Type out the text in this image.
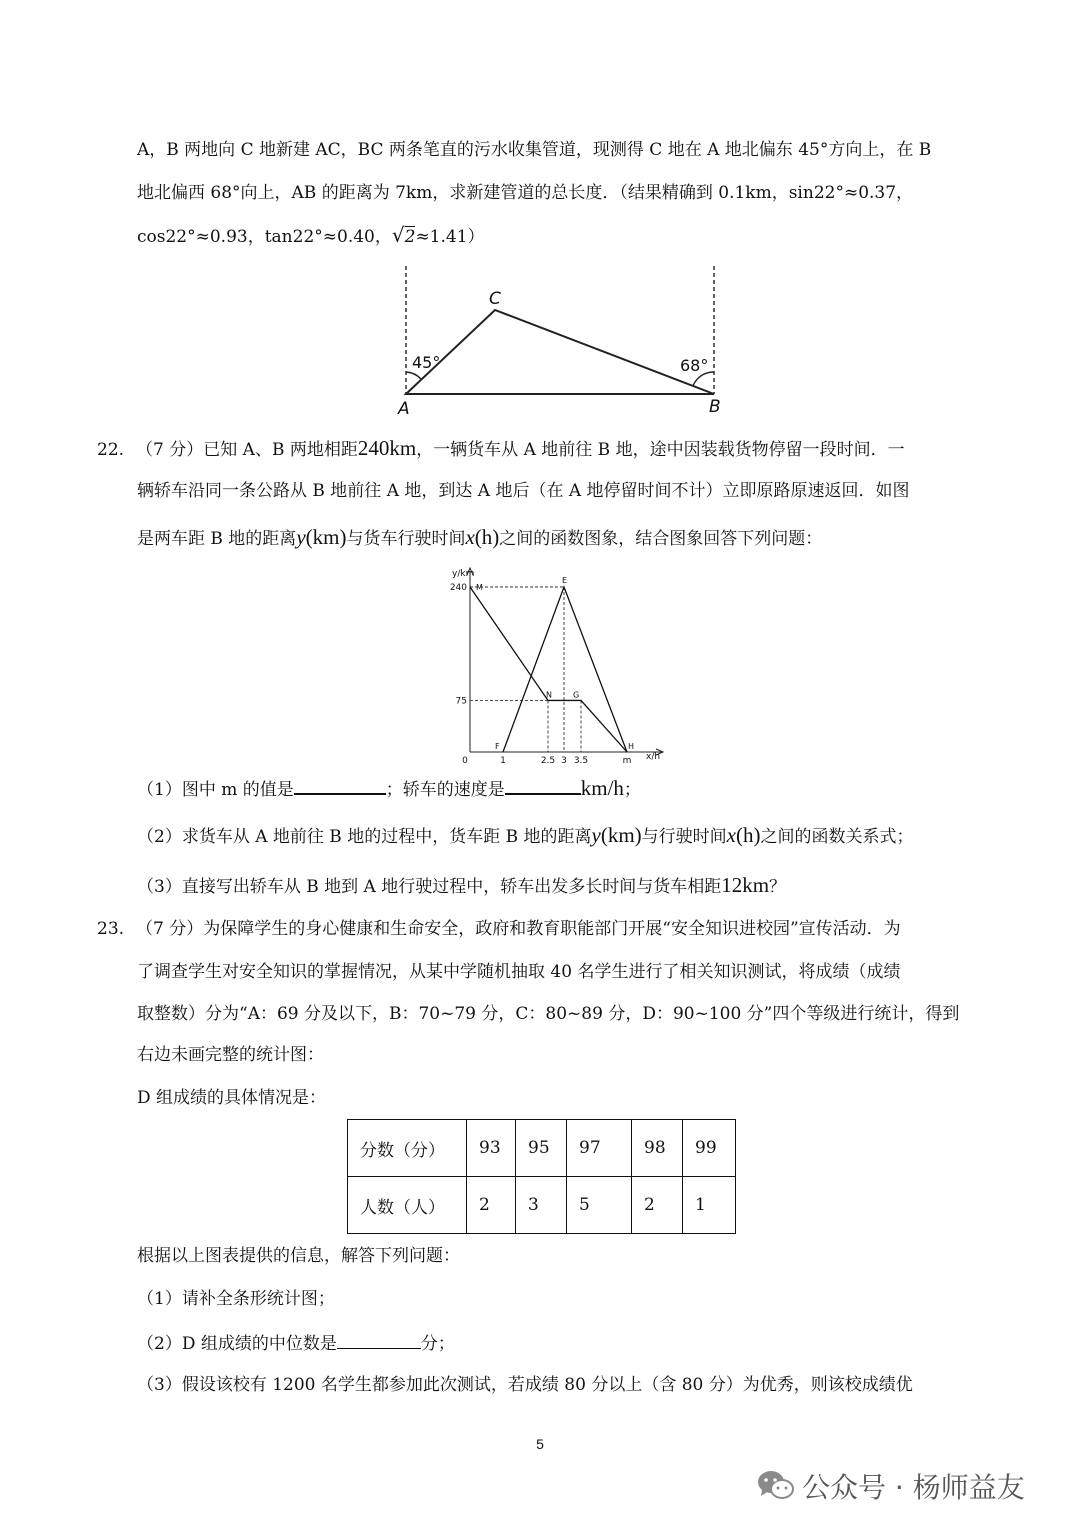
A，B 两地向 C 地新建 AC，BC 两条笔直的污水收集管道，现测得 C 地在 A 地北偏东 45°方向上，在 B
地北偏西 68°向上，AB 的距离为 7km，求新建管道的总长度．（结果精确到 0.1km，sin22°≈0.37，
cos22°≈0.93，tan22°≈0.40，√2≈1.41）
C
A	B
45°	68°
22. （7 分）已知 A、B 两地相距240km，一辆货车从 A 地前往 B 地，途中因装载货物停留一段时间．一
辆轿车沿同一条公路从 B 地前往 A 地，到达 A 地后（在 A 地停留时间不计）立即原路原速返回．如图
是两车距 B 地的距离y(km)与货车行驶时间x(h)之间的函数图象，结合图象回答下列问题：
y/km
x/h
240
75
0	1	2.5 3 3.5	m
M
E
N	G
F	H
（1）图中 m 的值是	；轿车的速度是	km/h；
（2）求货车从 A 地前往 B 地的过程中，货车距 B 地的距离y(km)与行驶时间x(h)之间的函数关系式；
（3）直接写出轿车从 B 地到 A 地行驶过程中，轿车出发多长时间与货车相距12km？
23. （7 分）为保障学生的身心健康和生命安全，政府和教育职能部门开展“安全知识进校园”宣传活动．为
了调查学生对安全知识的掌握情况，从某中学随机抽取 40 名学生进行了相关知识测试，将成绩（成绩
取整数）分为“A：69 分及以下，B：70~79 分，C：80~89 分，D：90~100 分”四个等级进行统计，得到
右边未画完整的统计图：
D 组成绩的具体情况是：
分数（分）	93	95	97	98	99
人数（人）	2	3	5	2	1
根据以上图表提供的信息，解答下列问题：
（1）请补全条形统计图；
（2）D 组成绩的中位数是	分；
（3）假设该校有 1200 名学生都参加此次测试，若成绩 80 分以上（含 80 分）为优秀，则该校成绩优
5
公众号 · 杨师益友
